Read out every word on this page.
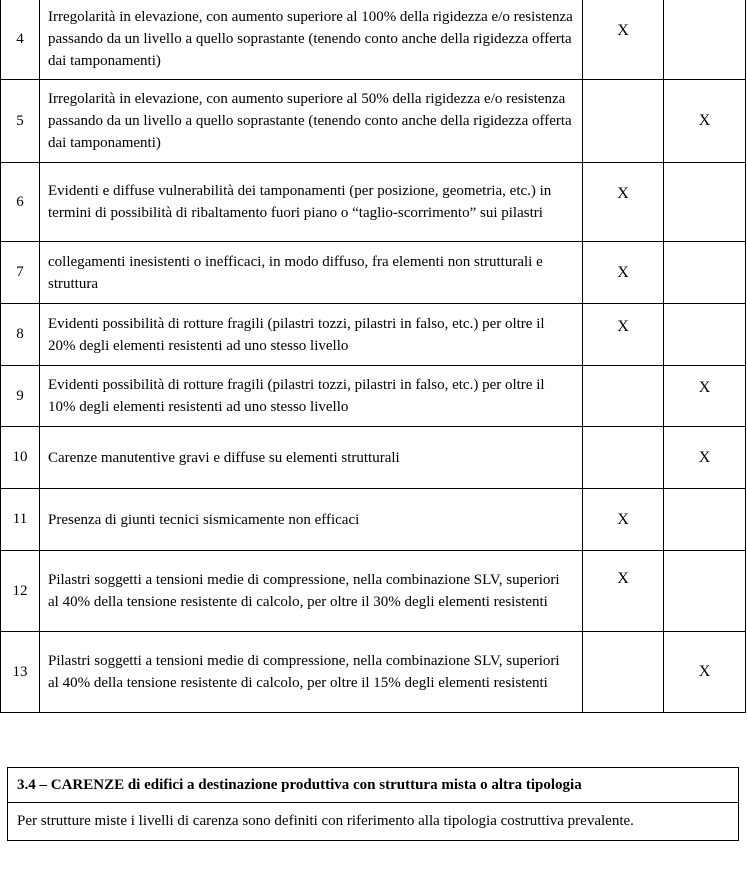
4	Irregolarità in elevazione, con aumento superiore al 100% della rigidezza e/o resistenza passando da un livello a quello soprastante (tenendo conto anche della rigidezza offerta dai tamponamenti)	X	
5	Irregolarità in elevazione, con aumento superiore al 50% della rigidezza e/o resistenza passando da un livello a quello soprastante (tenendo conto anche della rigidezza offerta dai tamponamenti)		X
6	Evidenti e diffuse vulnerabilità dei tamponamenti (per posizione, geometria, etc.) in termini di possibilità di ribaltamento fuori piano o “taglio-scorrimento” sui pilastri	X	
7	collegamenti inesistenti o inefficaci, in modo diffuso, fra elementi non strutturali e struttura	X	
8	Evidenti possibilità di rotture fragili (pilastri tozzi, pilastri in falso, etc.) per oltre il 20% degli elementi resistenti ad uno stesso livello	X	
9	Evidenti possibilità di rotture fragili (pilastri tozzi, pilastri in falso, etc.) per oltre il 10% degli elementi resistenti ad uno stesso livello		X
10	Carenze manutentive gravi e diffuse su elementi strutturali		X
11	Presenza di giunti tecnici sismicamente non efficaci	X	
12	Pilastri soggetti a tensioni medie di compressione, nella combinazione SLV, superiori al 40% della tensione resistente di calcolo, per oltre il 30% degli elementi resistenti	X	
13	Pilastri soggetti a tensioni medie di compressione, nella combinazione SLV, superiori al 40% della tensione resistente di calcolo, per oltre il 15% degli elementi resistenti		X
3.4 – CARENZE di edifici a destinazione produttiva con struttura mista o altra tipologia
Per strutture miste i livelli di carenza sono definiti con riferimento alla tipologia costruttiva prevalente.
